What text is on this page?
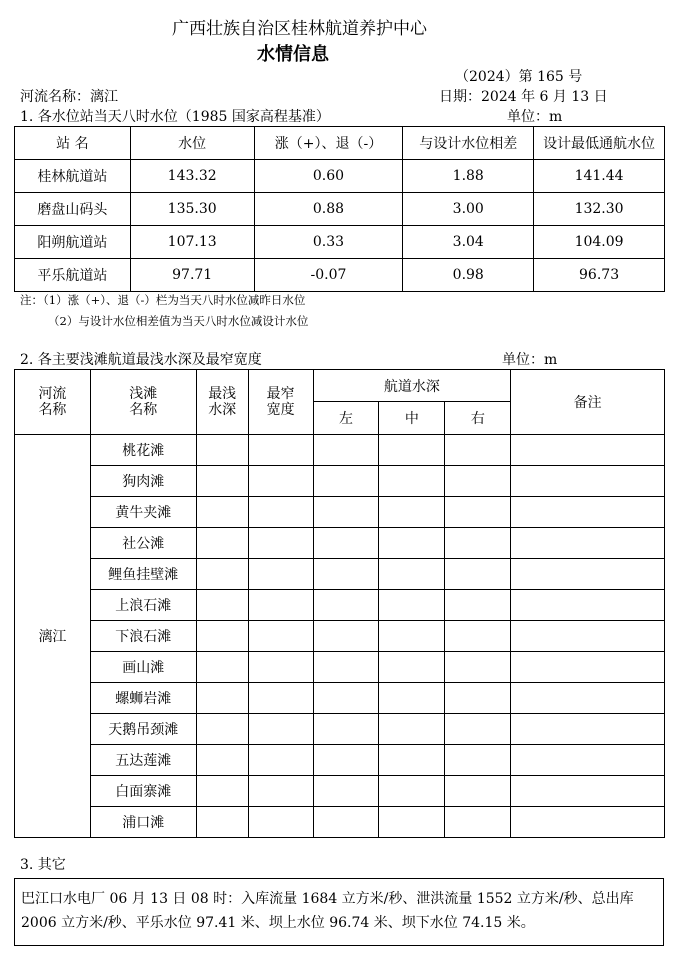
广西壮族自治区桂林航道养护中心
水情信息
（2024）第 165 号
河流名称：漓江	日期：2024 年 6 月 13 日
1. 各水位站当天八时水位（1985 国家高程基准）	单位：m
站 名	水位	涨（+）、退（-）	与设计水位相差	设计最低通航水位
桂林航道站	143.32	0.60	1.88	141.44
磨盘山码头	135.30	0.88	3.00	132.30
阳朔航道站	107.13	0.33	3.04	104.09
平乐航道站	97.71	-0.07	0.98	96.73
注：（1）涨（+）、退（-）栏为当天八时水位减昨日水位
（2）与设计水位相差值为当天八时水位减设计水位
2. 各主要浅滩航道最浅水深及最窄宽度	单位：m
河流名称	浅滩名称	最浅水深	最窄宽度	航道水深			备注
				左	中	右	
漓江	桃花滩						
	狗肉滩						
	黄牛夹滩						
	社公滩						
	鲤鱼挂壁滩						
	上浪石滩						
	下浪石滩						
	画山滩						
	螺蛳岩滩						
	天鹅吊颈滩						
	五达莲滩						
	白面寨滩						
	浦口滩						
3. 其它
巴江口水电厂 06 月 13 日 08 时：入库流量 1684 立方米/秒、泄洪流量 1552 立方米/秒、总出库 2006 立方米/秒、平乐水位 97.41 米、坝上水位 96.74 米、坝下水位 74.15 米。
